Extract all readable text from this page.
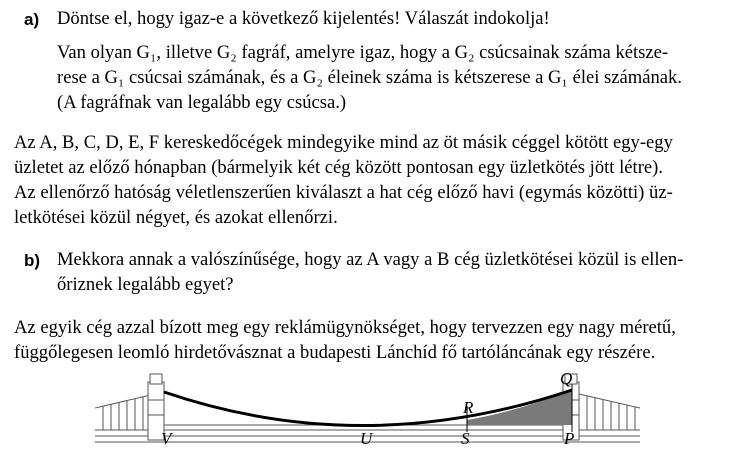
a) Döntse el, hogy igaz-e a következő kijelentés! Válaszát indokolja!
Van olyan G₁, illetve G₂ fagráf, amelyre igaz, hogy a G₂ csúcsainak száma kétsze-
rese a G₁ csúcsai számának, és a G₂ éleinek száma is kétszerese a G₁ élei számának.
(A fagráfnak van legalább egy csúcsa.)
Az A, B, C, D, E, F kereskedőcégek mindegyike mind az öt másik céggel kötött egy-egy
üzletet az előző hónapban (bármelyik két cég között pontosan egy üzletkötés jött létre).
Az ellenőrző hatóság véletlenszerűen kiválaszt a hat cég előző havi (egymás közötti) üz-
letkötései közül négyet, és azokat ellenőrzi.
b) Mekkora annak a valószínűsége, hogy az A vagy a B cég üzletkötései közül is ellen-
őriznek legalább egyet?
Az egyik cég azzal bízott meg egy reklámügynökséget, hogy tervezzen egy nagy méretű,
függőlegesen leomló hirdetővásznat a budapesti Lánchíd fő tartóláncának egy részére.
V	U	S	P
R
Q
